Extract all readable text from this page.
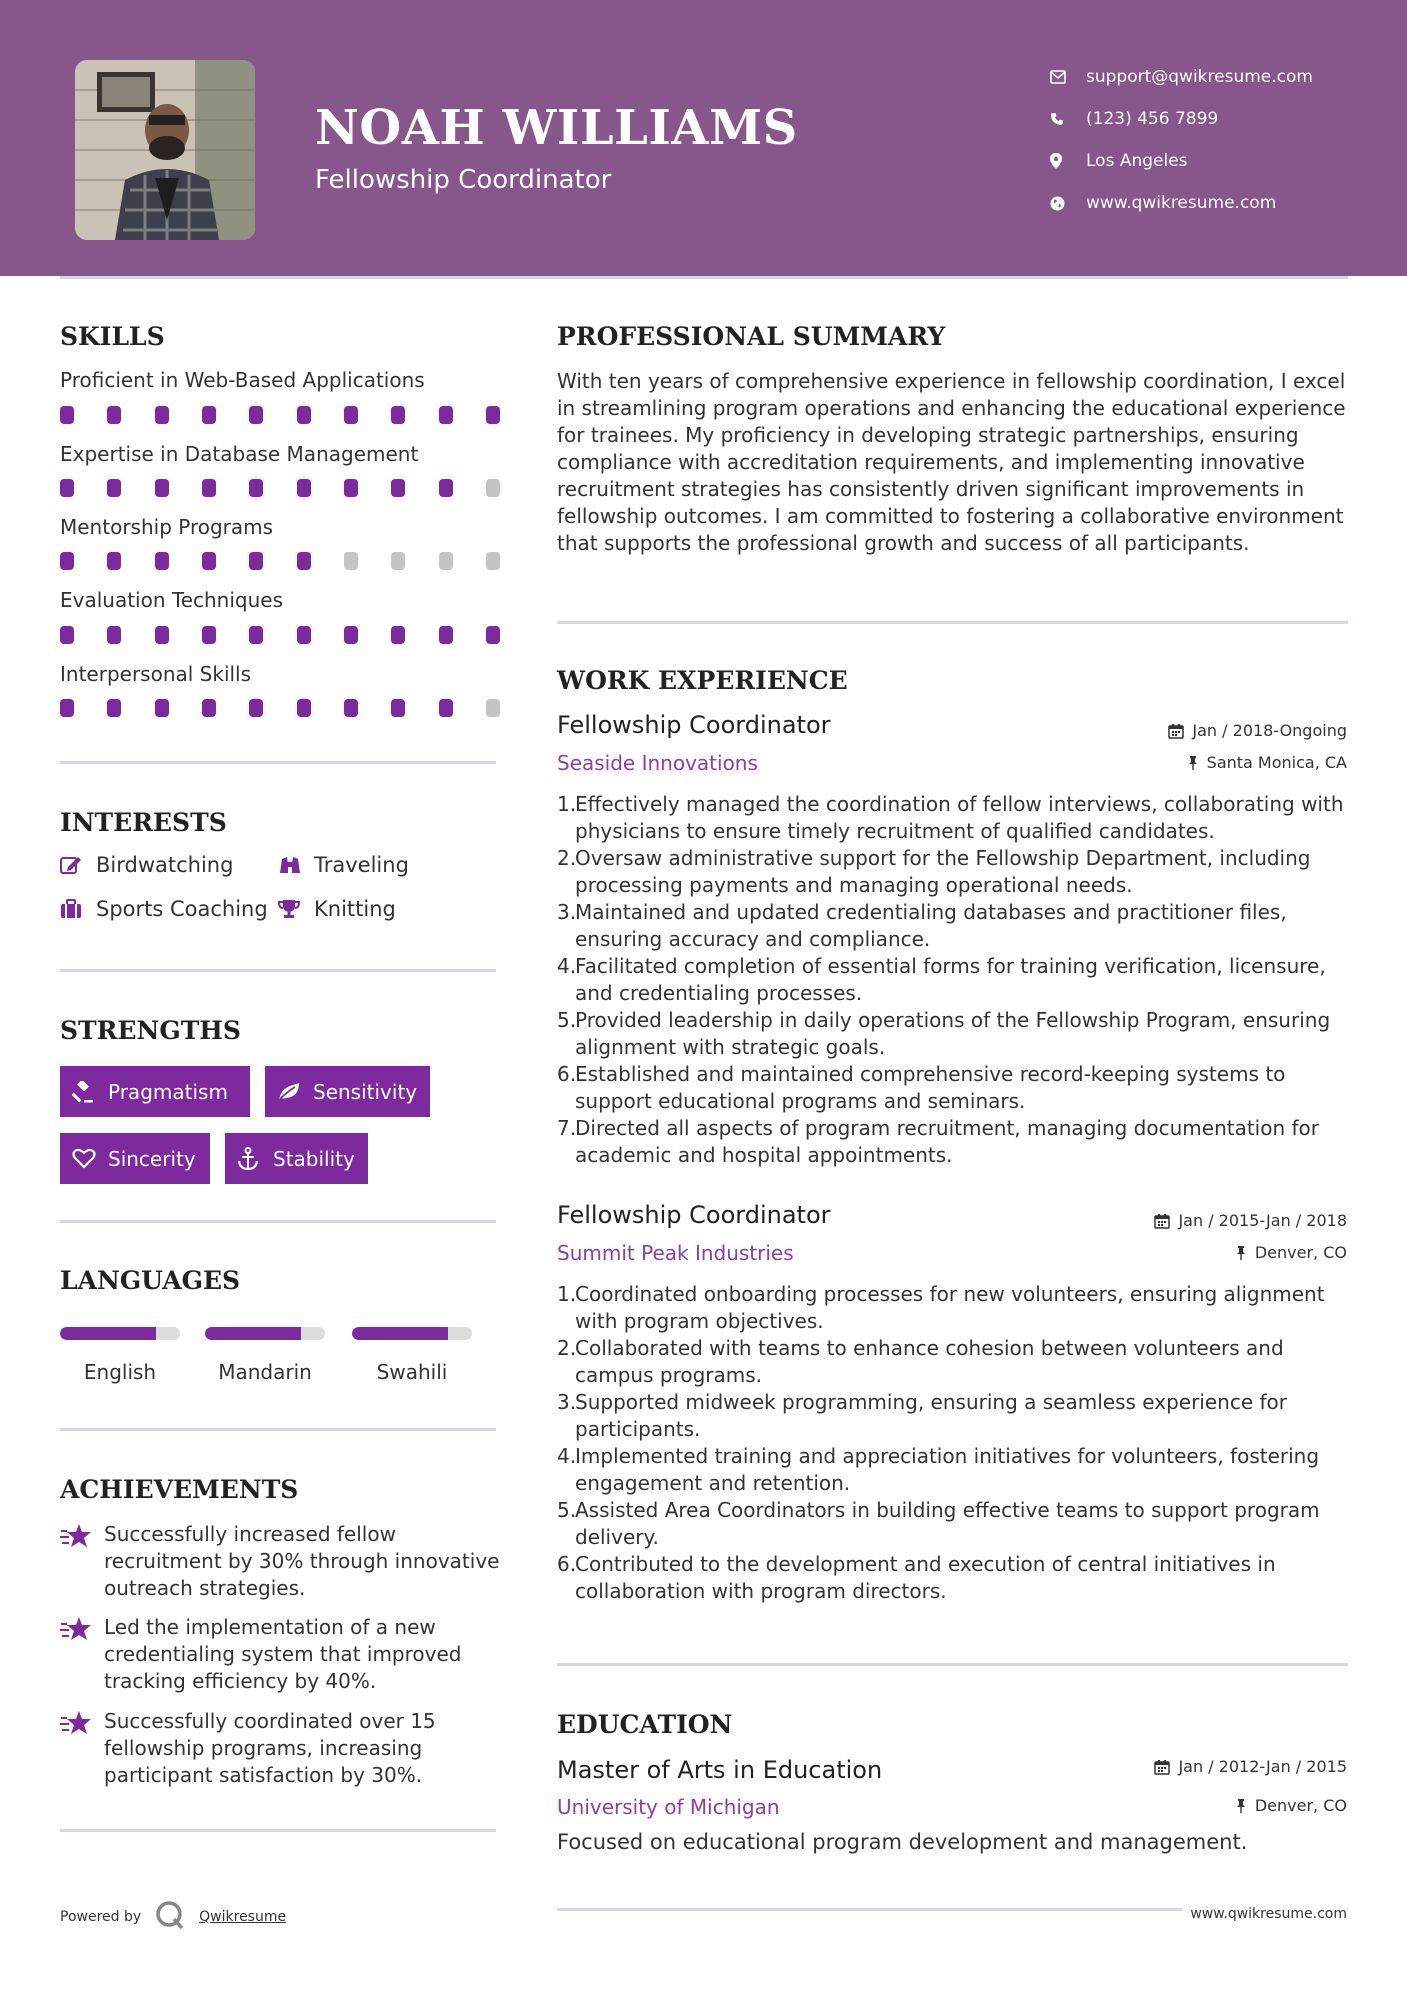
NOAH WILLIAMS
Fellowship Coordinator
support@qwikresume.com
(123) 456 7899
Los Angeles
www.qwikresume.com
SKILLS
Proficient in Web-Based Applications
Expertise in Database Management
Mentorship Programs
Evaluation Techniques
Interpersonal Skills
INTERESTS
Birdwatching	Traveling
Sports Coaching Knitting
STRENGTHS
Pragmatism	Sensitivity
Sincerity	Stability
LANGUAGES
English	Mandarin	Swahili
ACHIEVEMENTS
Successfully increased fellow recruitment by 30% through innovative outreach strategies.
Led the implementation of a new credentialing system that improved tracking efficiency by 40%.
Successfully coordinated over 15 fellowship programs, increasing participant satisfaction by 30%.
Powered by	Qwikresume
PROFESSIONAL SUMMARY
With ten years of comprehensive experience in fellowship coordination, I excel in streamlining program operations and enhancing the educational experience for trainees. My proficiency in developing strategic partnerships, ensuring compliance with accreditation requirements, and implementing innovative recruitment strategies has consistently driven significant improvements in fellowship outcomes. I am committed to fostering a collaborative environment that supports the professional growth and success of all participants.
WORK EXPERIENCE
Fellowship Coordinator	Jan / 2018-Ongoing
Seaside Innovations	Santa Monica, CA
1.
Effectively managed the coordination of fellow interviews, collaborating with physicians to ensure timely recruitment of qualified candidates.
2.
Oversaw administrative support for the Fellowship Department, including processing payments and managing operational needs.
3.
Maintained and updated credentialing databases and practitioner files, ensuring accuracy and compliance.
4.
Facilitated completion of essential forms for training verification, licensure, and credentialing processes.
5.
Provided leadership in daily operations of the Fellowship Program, ensuring alignment with strategic goals.
6.
Established and maintained comprehensive record-keeping systems to support educational programs and seminars.
7.
Directed all aspects of program recruitment, managing documentation for academic and hospital appointments.
Fellowship Coordinator	Jan / 2015-Jan / 2018
Summit Peak Industries	Denver, CO
1.
Coordinated onboarding processes for new volunteers, ensuring alignment with program objectives.
2.
Collaborated with teams to enhance cohesion between volunteers and campus programs.
3.
Supported midweek programming, ensuring a seamless experience for participants.
4.
Implemented training and appreciation initiatives for volunteers, fostering engagement and retention.
5.
Assisted Area Coordinators in building effective teams to support program delivery.
6.
Contributed to the development and execution of central initiatives in collaboration with program directors.
EDUCATION
Master of Arts in Education	Jan / 2012-Jan / 2015
University of Michigan	Denver, CO
Focused on educational program development and management.
www.qwikresume.com
